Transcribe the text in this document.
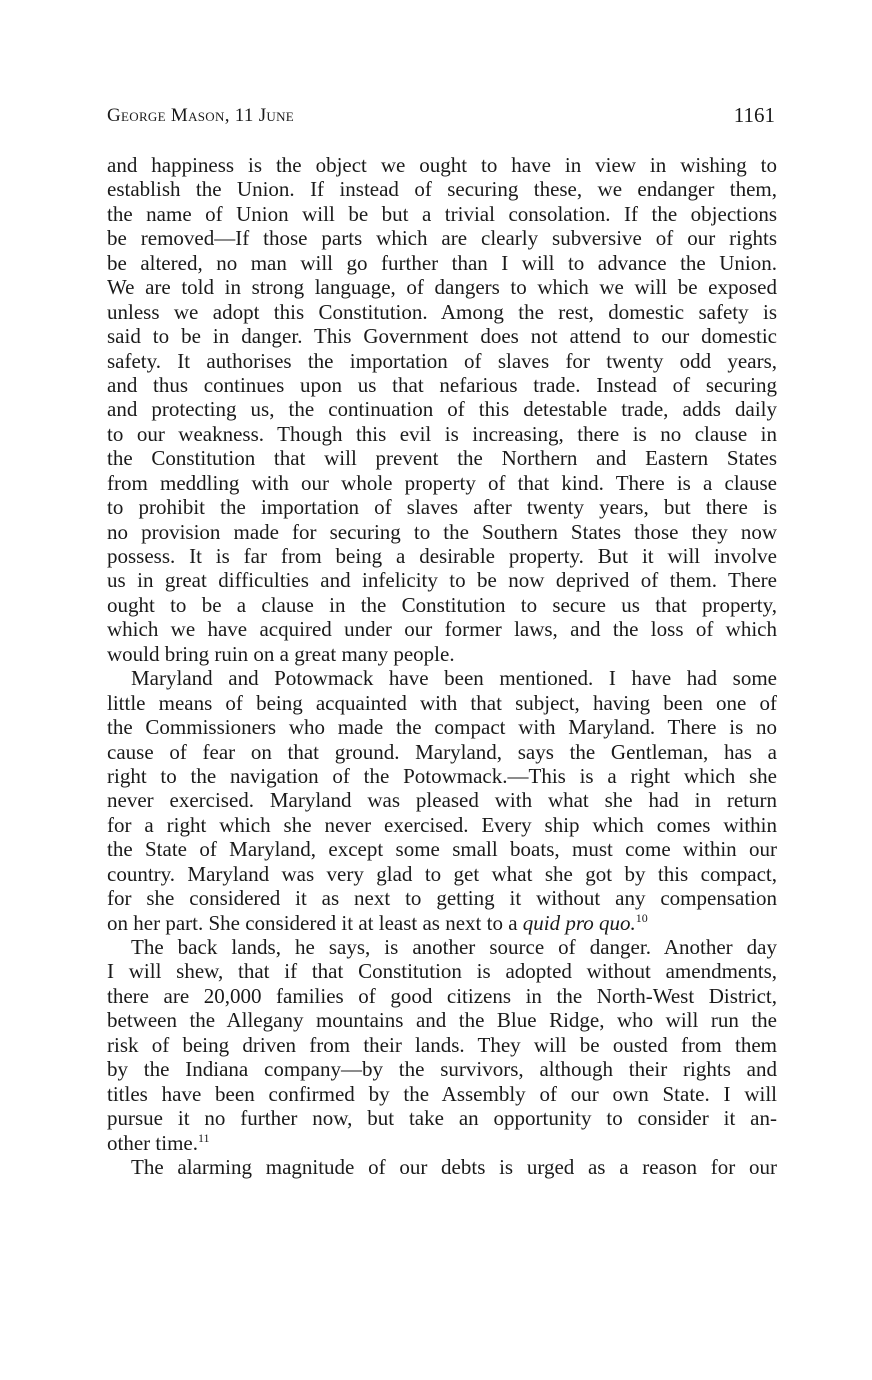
George Mason, 11 June	1161
and happiness is the object we ought to have in view in wishing to
establish the Union. If instead of securing these, we endanger them,
the name of Union will be but a trivial consolation. If the objections
be removed—If those parts which are clearly subversive of our rights
be altered, no man will go further than I will to advance the Union.
We are told in strong language, of dangers to which we will be exposed
unless we adopt this Constitution. Among the rest, domestic safety is
said to be in danger. This Government does not attend to our domestic
safety. It authorises the importation of slaves for twenty odd years,
and thus continues upon us that nefarious trade. Instead of securing
and protecting us, the continuation of this detestable trade, adds daily
to our weakness. Though this evil is increasing, there is no clause in
the Constitution that will prevent the Northern and Eastern States
from meddling with our whole property of that kind. There is a clause
to prohibit the importation of slaves after twenty years, but there is
no provision made for securing to the Southern States those they now
possess. It is far from being a desirable property. But it will involve
us in great difficulties and infelicity to be now deprived of them. There
ought to be a clause in the Constitution to secure us that property,
which we have acquired under our former laws, and the loss of which
would bring ruin on a great many people.
Maryland and Potowmack have been mentioned. I have had some
little means of being acquainted with that subject, having been one of
the Commissioners who made the compact with Maryland. There is no
cause of fear on that ground. Maryland, says the Gentleman, has a
right to the navigation of the Potowmack.—This is a right which she
never exercised. Maryland was pleased with what she had in return
for a right which she never exercised. Every ship which comes within
the State of Maryland, except some small boats, must come within our
country. Maryland was very glad to get what she got by this compact,
for she considered it as next to getting it without any compensation
on her part. She considered it at least as next to a quid pro quo.$^{10}$
The back lands, he says, is another source of danger. Another day
I will shew, that if that Constitution is adopted without amendments,
there are 20,000 families of good citizens in the North-West District,
between the Allegany mountains and the Blue Ridge, who will run the
risk of being driven from their lands. They will be ousted from them
by the Indiana company—by the survivors, although their rights and
titles have been confirmed by the Assembly of our own State. I will
pursue it no further now, but take an opportunity to consider it an-
other time.$^{11}$
The alarming magnitude of our debts is urged as a reason for our
